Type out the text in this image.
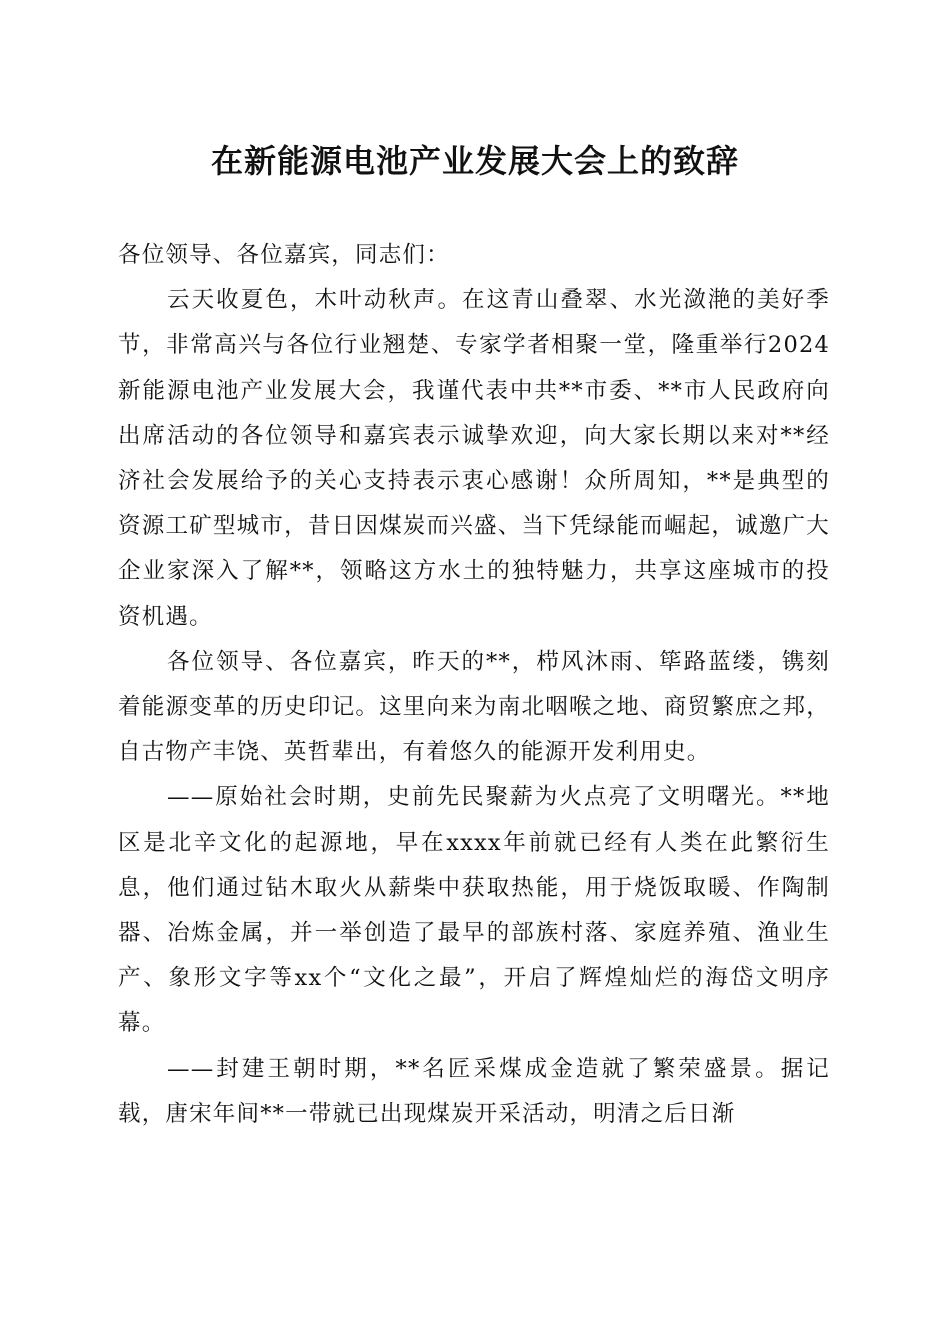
在新能源电池产业发展大会上的致辞

各位领导、各位嘉宾，同志们：

云天收夏色，木叶动秋声。在这青山叠翠、水光潋滟的美好季节，非常高兴与各位行业翘楚、专家学者相聚一堂，隆重举行2024新能源电池产业发展大会，我谨代表中共**市委、**市人民政府向出席活动的各位领导和嘉宾表示诚挚欢迎，向大家长期以来对**经济社会发展给予的关心支持表示衷心感谢！众所周知，**是典型的资源工矿型城市，昔日因煤炭而兴盛、当下凭绿能而崛起，诚邀广大企业家深入了解**，领略这方水土的独特魅力，共享这座城市的投资机遇。

各位领导、各位嘉宾，昨天的**，栉风沐雨、筚路蓝缕，镌刻着能源变革的历史印记。这里向来为南北咽喉之地、商贸繁庶之邦，自古物产丰饶、英哲辈出，有着悠久的能源开发利用史。

——原始社会时期，史前先民聚薪为火点亮了文明曙光。**地区是北辛文化的起源地，早在xxxx年前就已经有人类在此繁衍生息，他们通过钻木取火从薪柴中获取热能，用于烧饭取暖、作陶制器、冶炼金属，并一举创造了最早的部族村落、家庭养殖、渔业生产、象形文字等xx个“文化之最”，开启了辉煌灿烂的海岱文明序幕。

——封建王朝时期，**名匠采煤成金造就了繁荣盛景。据记载，唐宋年间**一带就已出现煤炭开采活动，明清之后日渐
